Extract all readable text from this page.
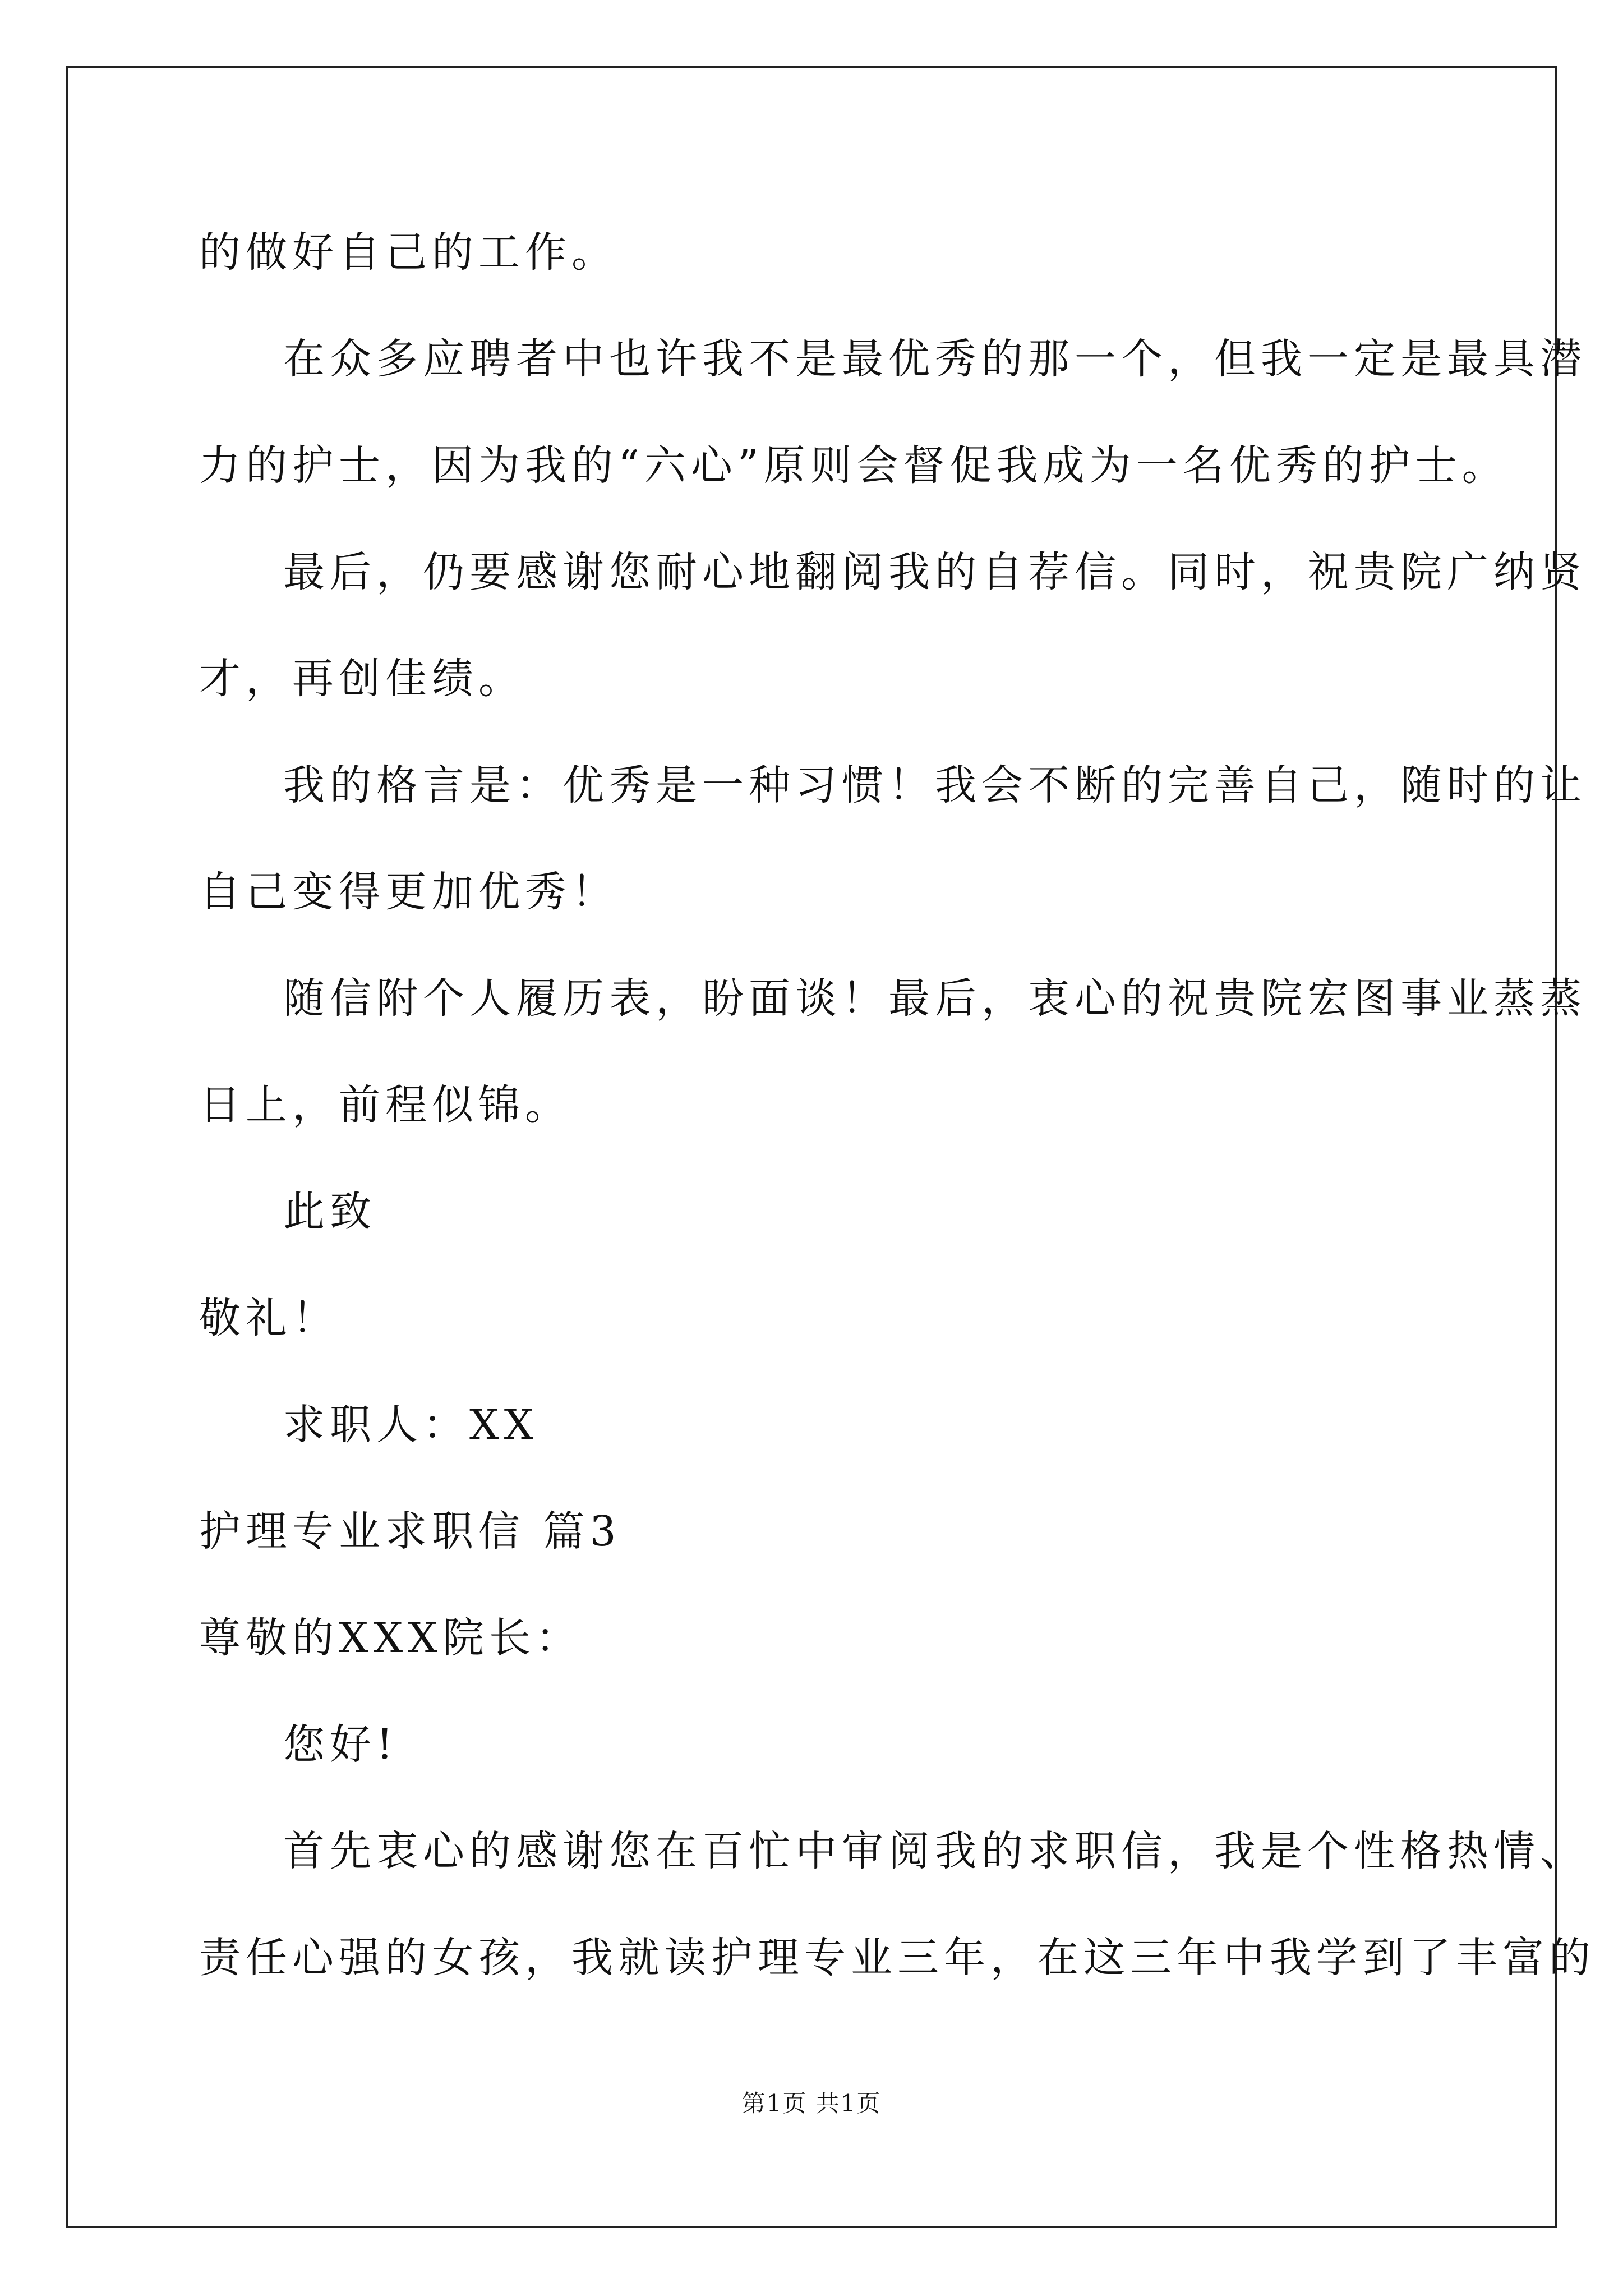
的做好自己的工作。
在众多应聘者中也许我不是最优秀的那一个，但我一定是最具潜
力的护士，因为我的“六心”原则会督促我成为一名优秀的护士。
最后，仍要感谢您耐心地翻阅我的自荐信。同时，祝贵院广纳贤
才，再创佳绩。
我的格言是：优秀是一种习惯！我会不断的完善自己，随时的让
自己变得更加优秀！
随信附个人履历表，盼面谈！最后，衷心的祝贵院宏图事业蒸蒸
日上，前程似锦。
此致
敬礼！
求职人：XX
护理专业求职信 篇3
尊敬的XXX院长：
您好!
首先衷心的感谢您在百忙中审阅我的求职信，我是个性格热情、
责任心强的女孩，我就读护理专业三年，在这三年中我学到了丰富的
第1页 共1页
